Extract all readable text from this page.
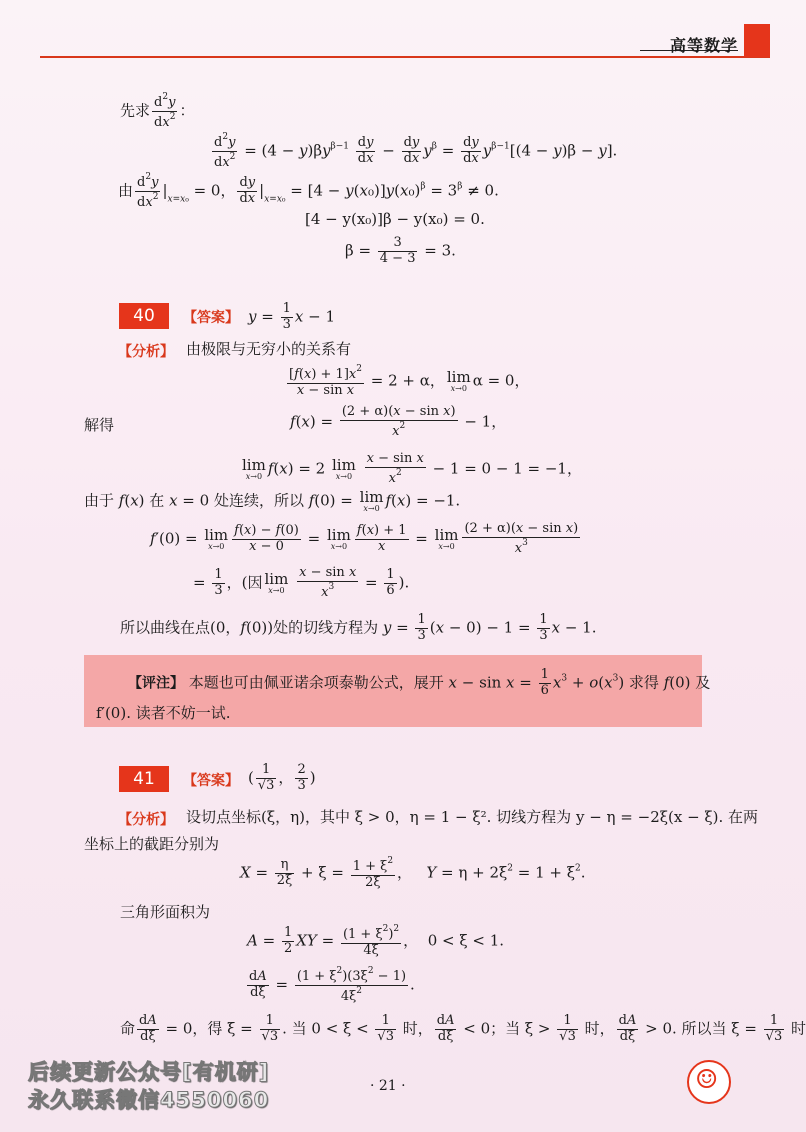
高等数学
先求 $\frac{d^2y}{dx^2}$ ：
$\frac{d^2y}{dx^2} = (4 - y)\beta y^{\beta-1} \frac{dy}{dx} - \frac{dy}{dx} y^\beta = \frac{dy}{dx} y^{\beta-1}[(4 - y)\beta - y]$.
由 $\frac{d^2y}{dx^2} |_{x=x_0} = 0$， $\frac{dy}{dx} |_{x=x_0} = [4 - y(x_0)]y(x_0)^\beta = 3^\beta \ne 0$.
[4 − y(x₀)]β − y(x₀) = 0.
$\beta = \frac{3}{4 - 3} = 3$.
40	【答案】 $y = \frac{1}{3}$ x − 1
【分析】 由极限与无穷小的关系有
$\frac{[f(x) + 1]x^2}{\text{x − sin x}} = 2 + \alpha$， lim
x→0 α = 0，
解得	$f(x) = \frac{\text{(2 + α)(x − sin x)}}{x^2} - 1$，
lim
x→0 f(x) = 2 lim
x→0
$\frac{\text{x − sin x}}{x^2} - 1 = 0 - 1 = -1$，
由于 f(x) 在 x = 0 处连续，所以 f(0) = lim
x→0 f(x) = −1.
f′(0) = lim
$x\to 0 \frac{f(x) - f(0)}{x - 0} = \lim$
$x\to 0 \frac{f(x) + 1}{x} = \lim$
$x\to 0 \frac{\text{(2 + α)(x − sin x)}}{x^3}$
= $\frac{1}{3}$ ，(因 lim
x→0
$\frac{\text{x − sin x}}{x^3} = \frac{1}{6}$ ).
所以曲线在点(0，f(0))处的切线方程为 $y = \frac{1}{3} (x - 0) - 1 = \frac{1}{3}$ x − 1.
【评注】 本题也可由佩亚诺余项泰勒公式，展开 $x - \sin x = \frac{1}{6} x^3 + o(x^3)$ 求得 f(0) 及
f′(0). 读者不妨一试.
41	【答案】 ( $\frac{1}{√3}$ ， $\frac{2}{3}$ )
【分析】 设切点坐标(ξ，η)，其中 ξ > 0，η = 1 − ξ². 切线方程为 y − η = −2ξ(x − ξ). 在两
坐标上的截距分别为
$X = \frac{\eta}{2\xi} + \xi = \frac{1 + \xi^2}{2\xi}$ ，   $Y = \eta + 2\xi^2 = 1 + \xi^2$.
三角形面积为
$A = \frac{1}{2}$ XY = $\frac{(1 + \xi^2)^2}{4\xi}$ ，  0 < ξ < 1.
$\frac{dA}{d\xi} = \frac{(1 + \xi^2)(3\xi^2 - 1)}{4\xi^2}$ .
命 $\frac{dA}{d\xi} = 0$，得 $\xi = \frac{1}{√3}$ . 当 $0 < \xi < \frac{1}{√3}$ 时， $\frac{dA}{d\xi} < 0$；当 $\xi > \frac{1}{√3}$ 时， $\frac{dA}{d\xi} > 0$. 所以当 $\xi = \frac{1}{√3}$ 时
· 21 ·
后续更新公众号[有机研]
永久联系微信4550060
☺
